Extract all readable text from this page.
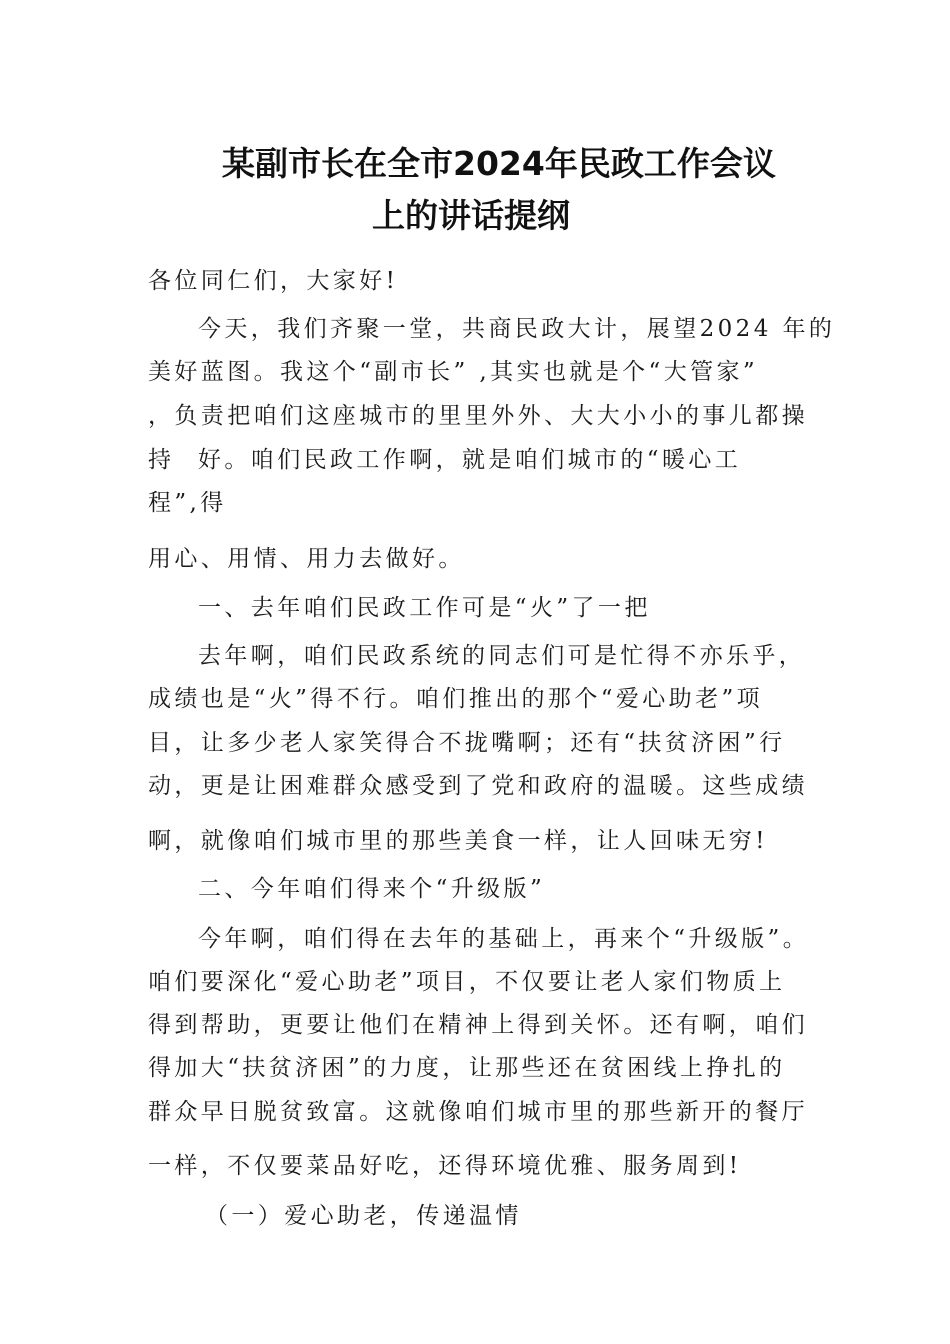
某副市长在全市2024年民政工作会议
上的讲话提纲
各位同仁们，大家好!
今天，我们齐聚一堂，共商民政大计，展望2024 年的
美好蓝图。我这个“副市长” ,其实也就是个“大管家”
，负责把咱们这座城市的里里外外、大大小小的事儿都操
持 好。咱们民政工作啊，就是咱们城市的“暖心工
程”,得
用心、用情、用力去做好。
一、去年咱们民政工作可是“火”了一把
去年啊，咱们民政系统的同志们可是忙得不亦乐乎，
成绩也是“火”得不行。咱们推出的那个“爱心助老”项
目，让多少老人家笑得合不拢嘴啊；还有“扶贫济困”行
动，更是让困难群众感受到了党和政府的温暖。这些成绩
啊，就像咱们城市里的那些美食一样，让人回味无穷!
二、今年咱们得来个“升级版”
今年啊，咱们得在去年的基础上，再来个“升级版”。
咱们要深化“爱心助老”项目，不仅要让老人家们物质上
得到帮助，更要让他们在精神上得到关怀。还有啊，咱们
得加大“扶贫济困”的力度，让那些还在贫困线上挣扎的
群众早日脱贫致富。这就像咱们城市里的那些新开的餐厅
一样，不仅要菜品好吃，还得环境优雅、服务周到!
（一）爱心助老，传递温情
